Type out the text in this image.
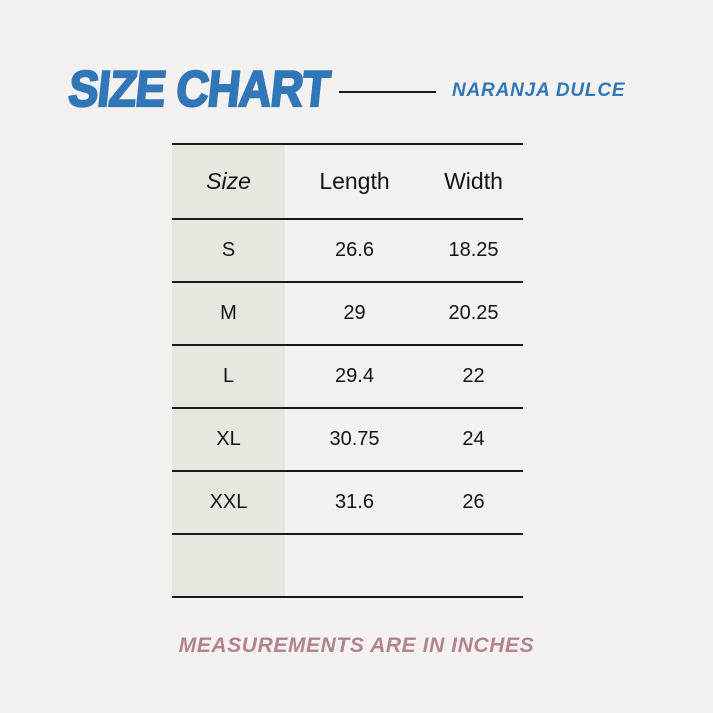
SIZE CHART	NARANJA DULCE
Size	Length	Width
S	26.6	18.25
M	29	20.25
L	29.4	22
XL	30.75	24
XXL	31.6	26
MEASUREMENTS ARE IN INCHES
